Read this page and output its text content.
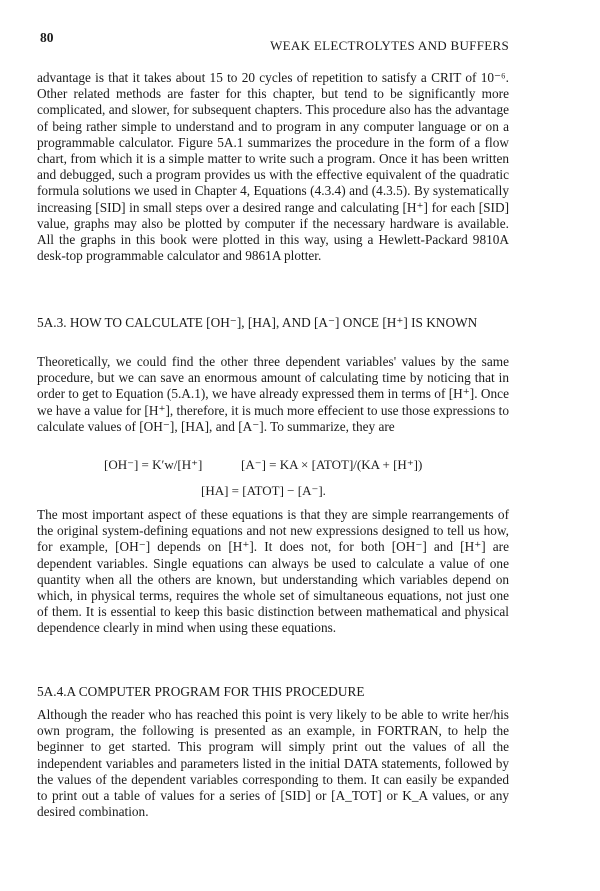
80
WEAK ELECTROLYTES AND BUFFERS

advantage is that it takes about 15 to 20 cycles of repetition to satisfy a CRIT of 10⁻⁶. Other related methods are faster for this chapter, but tend to be significantly more complicated, and slower, for subsequent chapters. This procedure also has the advantage of being rather simple to understand and to program in any computer language or on a programmable calculator. Figure 5A.1 summarizes the procedure in the form of a flow chart, from which it is a simple matter to write such a program. Once it has been written and debugged, such a program provides us with the effective equivalent of the quadratic formula solutions we used in Chapter 4, Equations (4.3.4) and (4.3.5). By systematically increasing [SID] in small steps over a desired range and calculating [H⁺] for each [SID] value, graphs may also be plotted by computer if the necessary hardware is available. All the graphs in this book were plotted in this way, using a Hewlett-Packard 9810A desk-top programmable calculator and 9861A plotter.

5A.3. HOW TO CALCULATE [OH⁻], [HA], AND [A⁻] ONCE [H⁺] IS KNOWN

Theoretically, we could find the other three dependent variables' values by the same procedure, but we can save an enormous amount of calculating time by noticing that in order to get to Equation (5.A.1), we have already expressed them in terms of [H⁺]. Once we have a value for [H⁺], therefore, it is much more effecient to use those expressions to calculate values of [OH⁻], [HA], and [A⁻]. To summarize, they are

[OH⁻] = K′w/[H⁺]	[A⁻] = KA × [ATOT]/(KA + [H⁺])
[HA] = [ATOT] − [A⁻].

The most important aspect of these equations is that they are simple rearrangements of the original system-defining equations and not new expressions designed to tell us how, for example, [OH⁻] depends on [H⁺]. It does not, for both [OH⁻] and [H⁺] are dependent variables. Single equations can always be used to calculate a value of one quantity when all the others are known, but understanding which variables depend on which, in physical terms, requires the whole set of simultaneous equations, not just one of them. It is essential to keep this basic distinction between mathematical and physical dependence clearly in mind when using these equations.

5A.4.A COMPUTER PROGRAM FOR THIS PROCEDURE

Although the reader who has reached this point is very likely to be able to write her/his own program, the following is presented as an example, in FORTRAN, to help the beginner to get started. This program will simply print out the values of all the independent variables and parameters listed in the initial DATA statements, followed by the values of the dependent variables corresponding to them. It can easily be expanded to print out a table of values for a series of [SID] or [A_TOT] or K_A values, or any desired combination.
